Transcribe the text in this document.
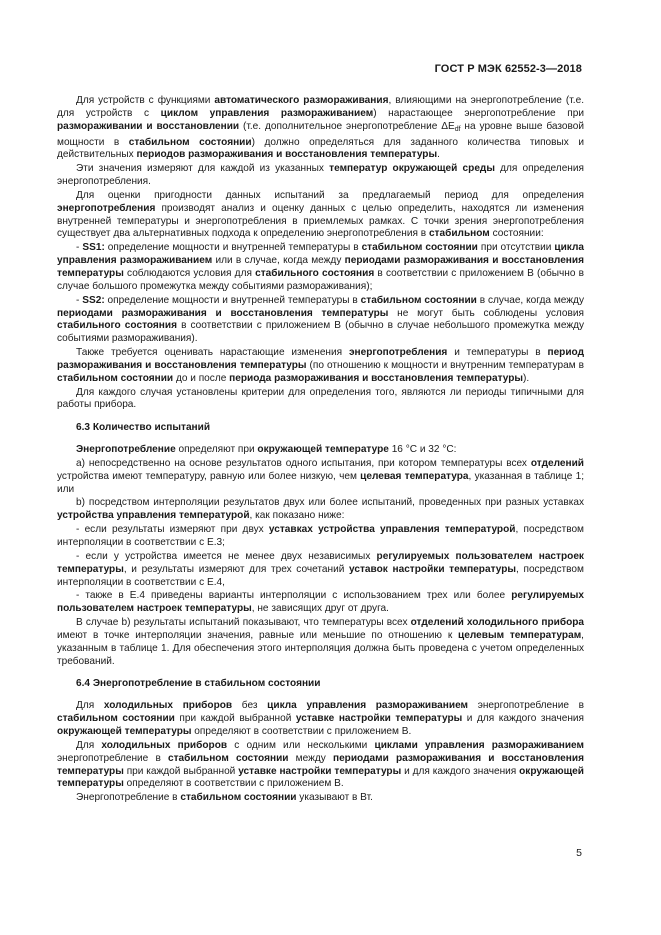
ГОСТ Р МЭК 62552-3—2018

Для устройств с функциями автоматического размораживания, влияющими на энергопотребление (т.е. для устройств с циклом управления размораживанием) нарастающее энергопотребление при размораживании и восстановлении (т.е. дополнительное энергопотребление $\Delta E_{df}$ на уровне выше базовой мощности в стабильном состоянии) должно определяться для заданного количества типовых и действительных периодов размораживания и восстановления температуры.

Эти значения измеряют для каждой из указанных температур окружающей среды для определения энергопотребления.

Для оценки пригодности данных испытаний за предлагаемый период для определения энергопотребления производят анализ и оценку данных с целью определить, находятся ли изменения внутренней температуры и энергопотребления в приемлемых рамках. С точки зрения энергопотребления существует два альтернативных подхода к определению энергопотребления в стабильном состоянии:

- SS1: определение мощности и внутренней температуры в стабильном состоянии при отсутствии цикла управления размораживанием или в случае, когда между периодами размораживания и восстановления температуры соблюдаются условия для стабильного состояния в соответствии с приложением В (обычно в случае большого промежутка между событиями размораживания);

- SS2: определение мощности и внутренней температуры в стабильном состоянии в случае, когда между периодами размораживания и восстановления температуры не могут быть соблюдены условия стабильного состояния в соответствии с приложением В (обычно в случае небольшого промежутка между событиями размораживания).

Также требуется оценивать нарастающие изменения энергопотребления и температуры в период размораживания и восстановления температуры (по отношению к мощности и внутренним температурам в стабильном состоянии до и после периода размораживания и восстановления температуры).

Для каждого случая установлены критерии для определения того, являются ли периоды типичными для работы прибора.

6.3 Количество испытаний

Энергопотребление определяют при окружающей температуре 16 °С и 32 °С:

a) непосредственно на основе результатов одного испытания, при котором температуры всех отделений устройства имеют температуру, равную или более низкую, чем целевая температура, указанная в таблице 1; или

b) посредством интерполяции результатов двух или более испытаний, проведенных при разных уставках устройства управления температурой, как показано ниже:

- если результаты измеряют при двух уставках устройства управления температурой, посредством интерполяции в соответствии с Е.3;

- если у устройства имеется не менее двух независимых регулируемых пользователем настроек температуры, и результаты измеряют для трех сочетаний уставок настройки температуры, посредством интерполяции в соответствии с Е.4,

- также в Е.4 приведены варианты интерполяции с использованием трех или более регулируемых пользователем настроек температуры, не зависящих друг от друга.

В случае b) результаты испытаний показывают, что температуры всех отделений холодильного прибора имеют в точке интерполяции значения, равные или меньшие по отношению к целевым температурам, указанным в таблице 1. Для обеспечения этого интерполяция должна быть проведена с учетом определенных требований.

6.4 Энергопотребление в стабильном состоянии

Для холодильных приборов без цикла управления размораживанием энергопотребление в стабильном состоянии при каждой выбранной уставке настройки температуры и для каждого значения окружающей температуры определяют в соответствии с приложением В.

Для холодильных приборов с одним или несколькими циклами управления размораживанием энергопотребление в стабильном состоянии между периодами размораживания и восстановления температуры при каждой выбранной уставке настройки температуры и для каждого значения окружающей температуры определяют в соответствии с приложением В.

Энергопотребление в стабильном состоянии указывают в Вт.

5
